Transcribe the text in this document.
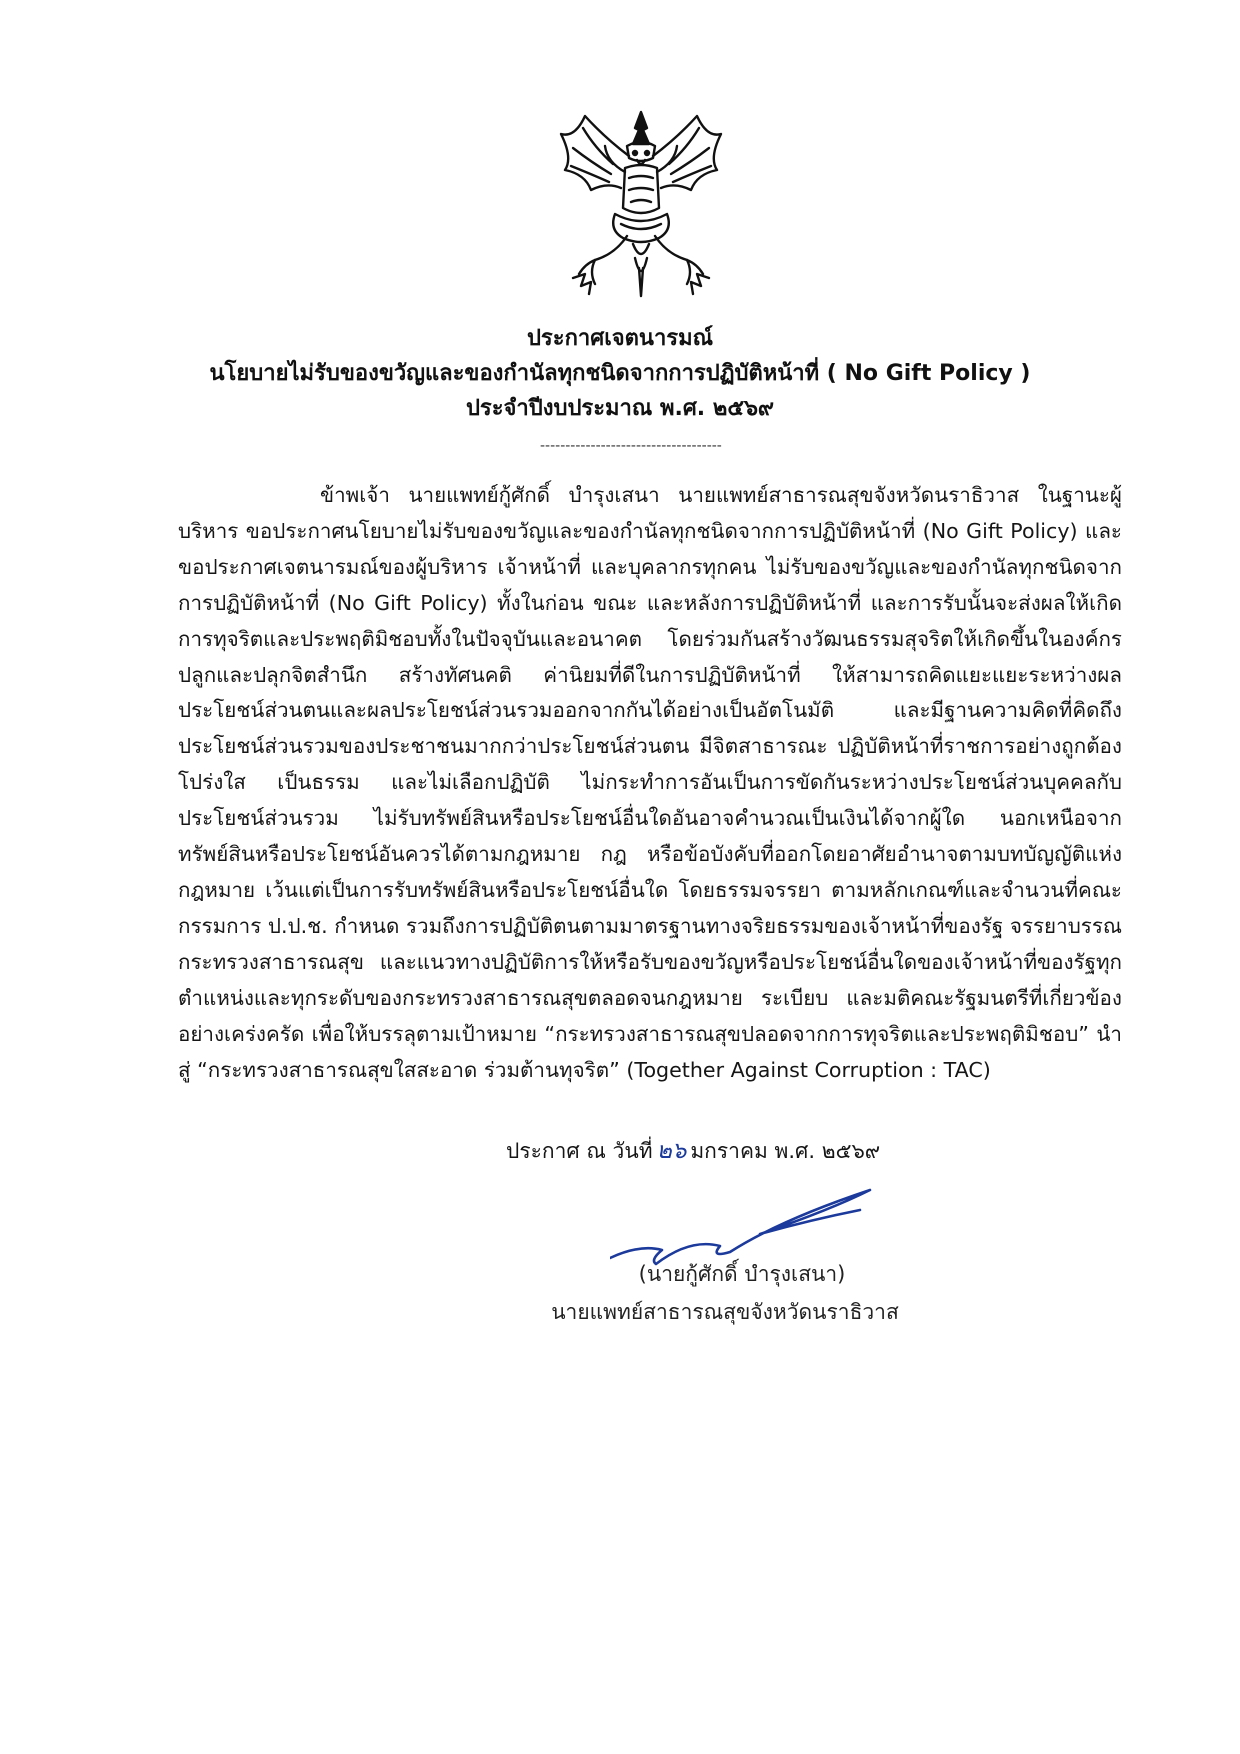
ประกาศเจตนารมณ์
นโยบายไม่รับของขวัญและของกำนัลทุกชนิดจากการปฏิบัติหน้าที่ ( No Gift Policy )
ประจำปีงบประมาณ พ.ศ. ๒๕๖๙
------------------------------------
ข้าพเจ้า นายแพทย์กู้ศักดิ์ บำรุงเสนา นายแพทย์สาธารณสุขจังหวัดนราธิวาส ในฐานะผู้บริหาร ขอประกาศนโยบายไม่รับของขวัญและของกำนัลทุกชนิดจากการปฏิบัติหน้าที่ (No Gift Policy) และขอประกาศเจตนารมณ์ของผู้บริหาร เจ้าหน้าที่ และบุคลากรทุกคน ไม่รับของขวัญและของกำนัลทุกชนิดจากการปฏิบัติหน้าที่ (No Gift Policy) ทั้งในก่อน ขณะ และหลังการปฏิบัติหน้าที่ และการรับนั้นจะส่งผลให้เกิดการทุจริตและประพฤติมิชอบทั้งในปัจจุบันและอนาคต โดยร่วมกันสร้างวัฒนธรรมสุจริตให้เกิดขึ้นในองค์กร ปลูกและปลุกจิตสำนึก สร้างทัศนคติ ค่านิยมที่ดีในการปฏิบัติหน้าที่ ให้สามารถคิดแยะแยะระหว่างผลประโยชน์ส่วนตนและผลประโยชน์ส่วนรวมออกจากกันได้อย่างเป็นอัตโนมัติ และมีฐานความคิดที่คิดถึงประโยชน์ส่วนรวมของประชาชนมากกว่าประโยชน์ส่วนตน มีจิตสาธารณะ ปฏิบัติหน้าที่ราชการอย่างถูกต้อง โปร่งใส เป็นธรรม และไม่เลือกปฏิบัติ ไม่กระทำการอันเป็นการขัดกันระหว่างประโยชน์ส่วนบุคคลกับประโยชน์ส่วนรวม ไม่รับทรัพย์สินหรือประโยชน์อื่นใดอันอาจคำนวณเป็นเงินได้จากผู้ใด นอกเหนือจากทรัพย์สินหรือประโยชน์อันควรได้ตามกฎหมาย กฎ หรือข้อบังคับที่ออกโดยอาศัยอำนาจตามบทบัญญัติแห่งกฎหมาย เว้นแต่เป็นการรับทรัพย์สินหรือประโยชน์อื่นใด โดยธรรมจรรยา ตามหลักเกณฑ์และจำนวนที่คณะกรรมการ ป.ป.ช. กำหนด รวมถึงการปฏิบัติตนตามมาตรฐานทางจริยธรรมของเจ้าหน้าที่ของรัฐ จรรยาบรรณกระทรวงสาธารณสุข และแนวทางปฏิบัติการให้หรือรับของขวัญหรือประโยชน์อื่นใดของเจ้าหน้าที่ของรัฐทุกตำแหน่งและทุกระดับของกระทรวงสาธารณสุขตลอดจนกฎหมาย ระเบียบ และมติคณะรัฐมนตรีที่เกี่ยวข้องอย่างเคร่งครัด เพื่อให้บรรลุตามเป้าหมาย “กระทรวงสาธารณสุขปลอดจากการทุจริตและประพฤติมิชอบ” นำสู่ “กระทรวงสาธารณสุขใสสะอาด ร่วมต้านทุจริต” (Together Against Corruption : TAC)
ประกาศ ณ วันที่ ๒๖ มกราคม พ.ศ. ๒๕๖๙
(นายกู้ศักดิ์ บำรุงเสนา)
นายแพทย์สาธารณสุขจังหวัดนราธิวาส
